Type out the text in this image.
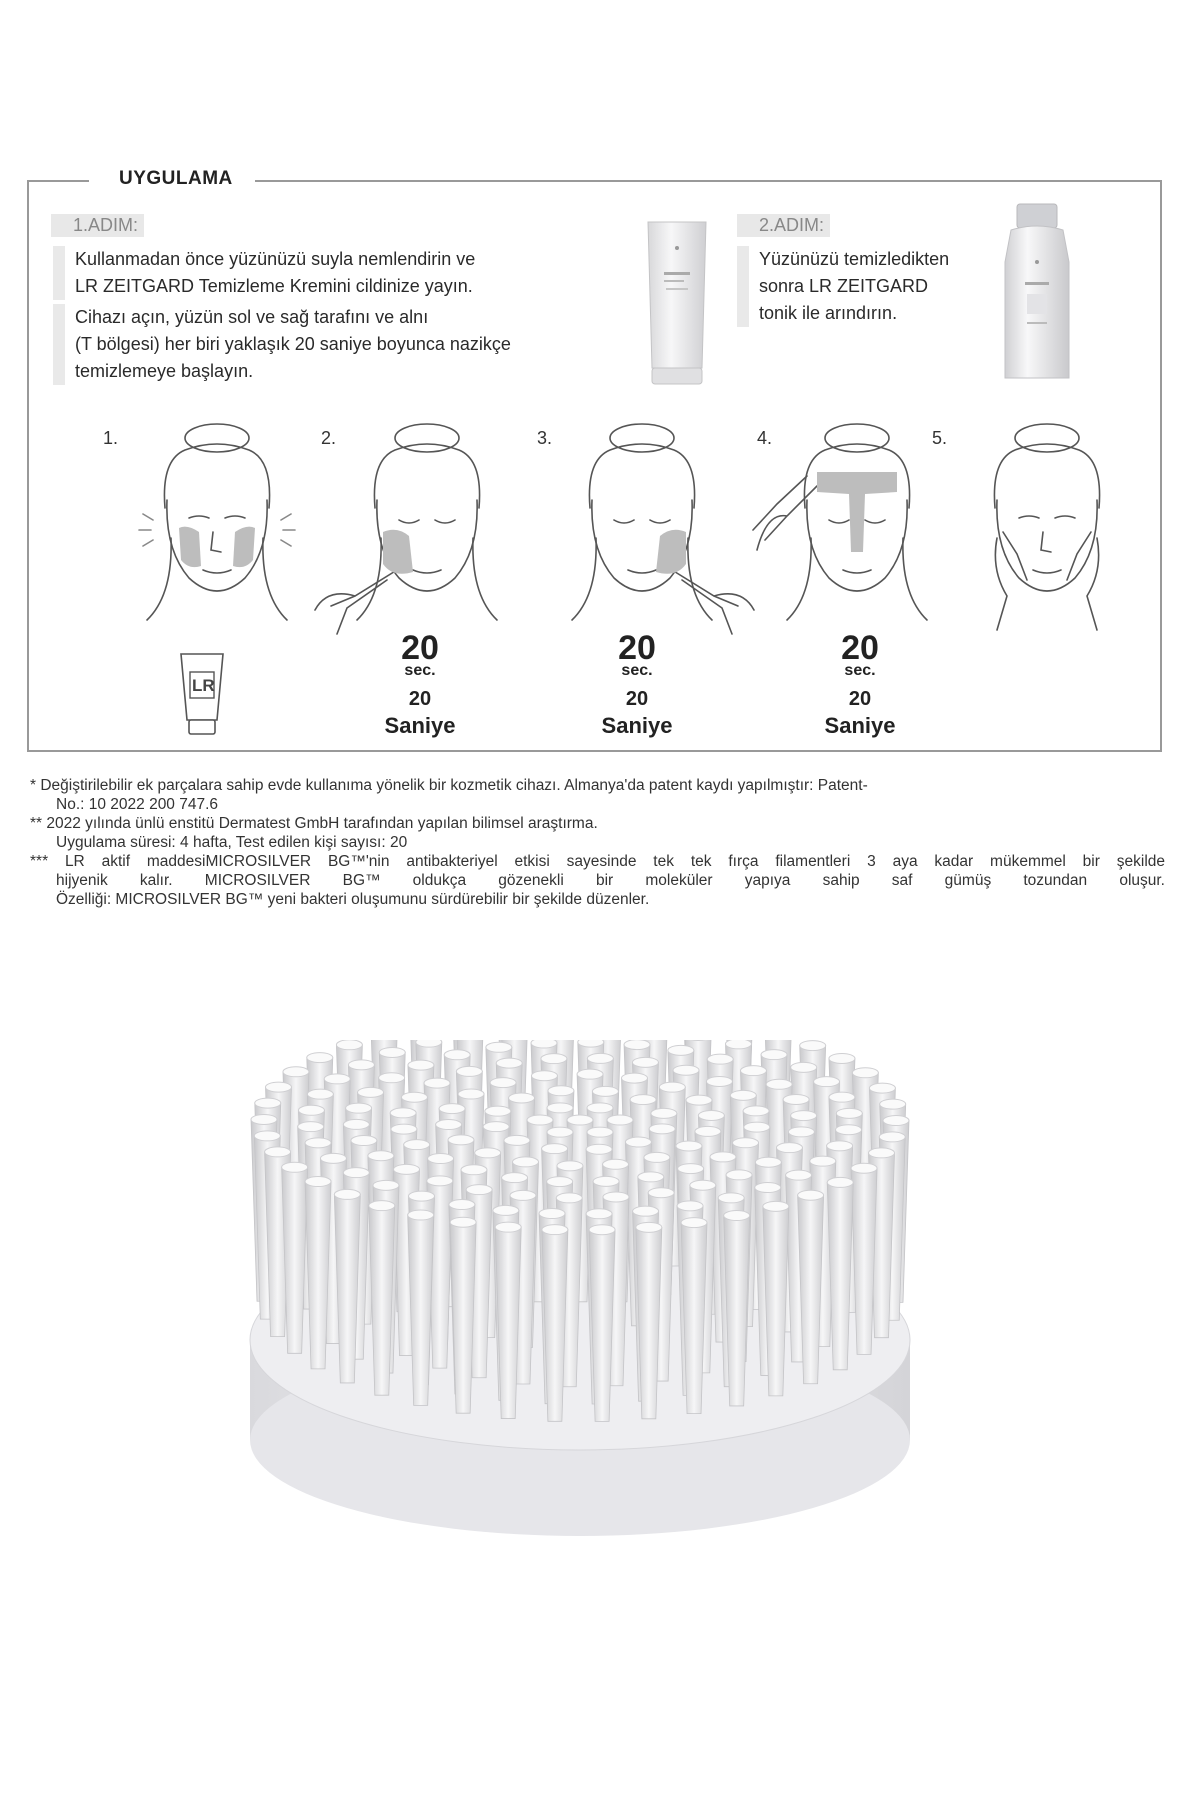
UYGULAMA
1.ADIM:
Kullanmadan önce yüzünüzü suyla nemlendirin ve
LR ZEITGARD Temizleme Kremini cildinize yayın.
Cihazı açın, yüzün sol ve sağ tarafını ve alnı
(T bölgesi) her biri yaklaşık 20 saniye boyunca nazikçe
temizlemeye başlayın.
2.ADIM:
Yüzünüzü temizledikten
sonra LR ZEITGARD
tonik ile arındırın.
1.	2.	3.	4.	5.
LR
20
sec.
20
Saniye
20
sec.
20
Saniye
20
sec.
20
Saniye

* Değiştirilebilir ek parçalara sahip evde kullanıma yönelik bir kozmetik cihazı. Almanya'da patent kaydı yapılmıştır: Patent-

No.: 10 2022 200 747.6

** 2022 yılında ünlü enstitü Dermatest GmbH tarafından yapılan bilimsel araştırma.

Uygulama süresi: 4 hafta, Test edilen kişi sayısı: 20

*** LR aktif maddesiMICROSILVER BG™'nin antibakteriyel etkisi sayesinde tek tek fırça filamentleri 3 aya kadar mükemmel bir şekilde

hijyenik kalır. MICROSILVER BG™ oldukça gözenekli bir moleküler yapıya sahip saf gümüş tozundan oluşur.

Özelliği: MICROSILVER BG™ yeni bakteri oluşumunu sürdürebilir bir şekilde düzenler.
